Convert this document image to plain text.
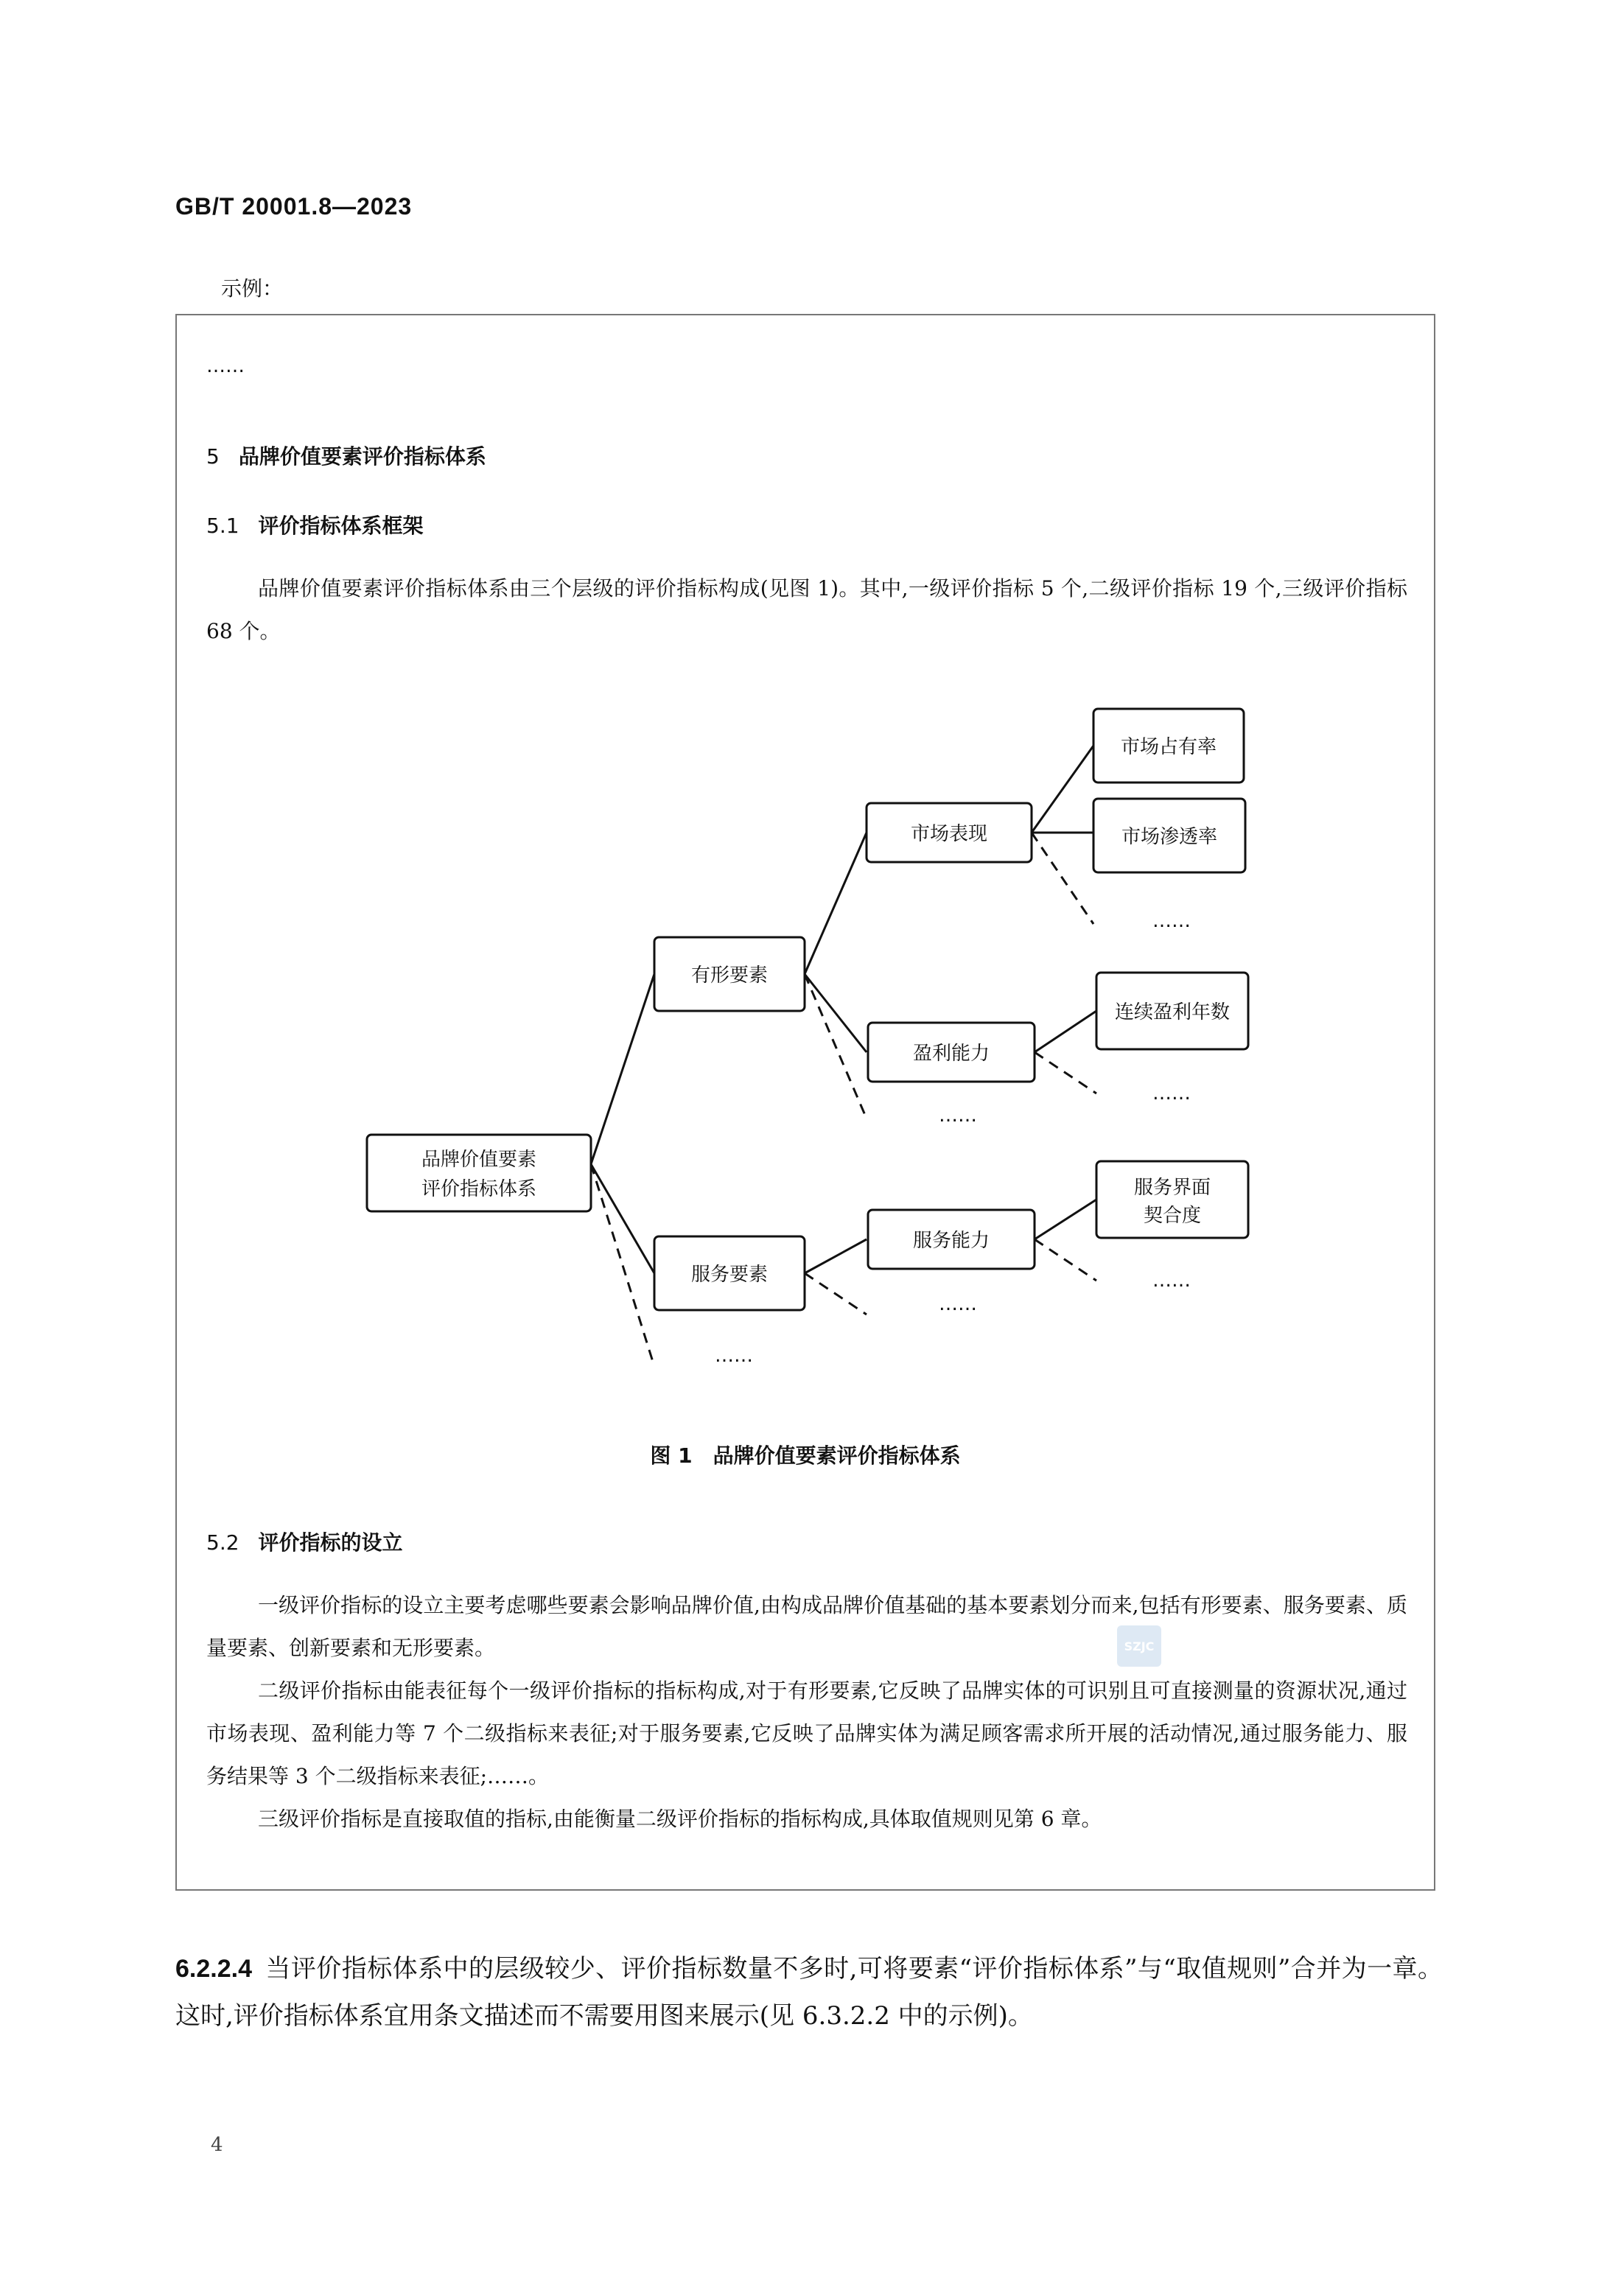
GB/T 20001.8—2023
示例：
……
5 品牌价值要素评价指标体系
5.1 评价指标体系框架

品牌价值要素评价指标体系由三个层级的评价指标构成(见图 1)。其中,一级评价指标 5 个,二级评价指标 19 个,三级评价指标 68 个。

品牌价值要素
评价指标体系
有形要素
服务要素
……
市场表现
盈利能力
……
服务能力
……
市场占有率
市场渗透率
……
连续盈利年数
……
服务界面
契合度
……
图 1 品牌价值要素评价指标体系
5.2 评价指标的设立

一级评价指标的设立主要考虑哪些要素会影响品牌价值,由构成品牌价值基础的基本要素划分而来,包括有形要素、服务要素、质量要素、创新要素和无形要素。

二级评价指标由能表征每个一级评价指标的指标构成,对于有形要素,它反映了品牌实体的可识别且可直接测量的资源状况,通过市场表现、盈利能力等 7 个二级指标来表征;对于服务要素,它反映了品牌实体为满足顾客需求所开展的活动情况,通过服务能力、服务结果等 3 个二级指标来表征;……。

三级评价指标是直接取值的指标,由能衡量二级评价指标的指标构成,具体取值规则见第 6 章。

SZJC

6.2.2.4 当评价指标体系中的层级较少、评价指标数量不多时,可将要素“评价指标体系”与“取值规则”合并为一章。这时,评价指标体系宜用条文描述而不需要用图来展示(见 6.3.2.2 中的示例)。

4
